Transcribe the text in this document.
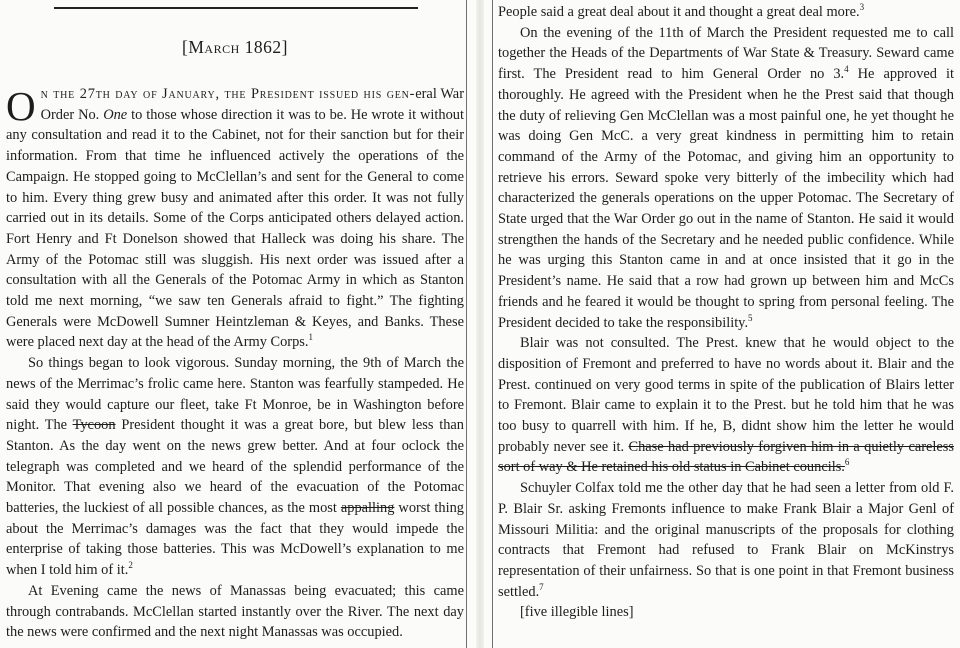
[March 1862]

On the 27th day of January, the President issued his gen-eral War Order No. One to those whose direction it was to be. He wrote it without any consultation and read it to the Cabinet, not for their sanction but for their information. From that time he influenced actively the operations of the Campaign. He stopped going to McClellan’s and sent for the General to come to him. Every thing grew busy and animated after this order. It was not fully carried out in its details. Some of the Corps anticipated others delayed action. Fort Henry and Ft Donelson showed that Halleck was doing his share. The Army of the Potomac still was sluggish. His next order was issued after a consultation with all the Generals of the Potomac Army in which as Stanton told me next morning, “we saw ten Generals afraid to fight.” The fighting Generals were McDowell Sumner Heintzleman & Keyes, and Banks. These were placed next day at the head of the Army Corps.$^1$

So things began to look vigorous. Sunday morning, the 9th of March the news of the Merrimac’s frolic came here. Stanton was fearfully stampeded. He said they would capture our fleet, take Ft Monroe, be in Washington before night. The Tycoon President thought it was a great bore, but blew less than Stanton. As the day went on the news grew better. And at four oclock the telegraph was completed and we heard of the splendid performance of the Monitor. That evening also we heard of the evacuation of the Potomac batteries, the luckiest of all possible chances, as the most appalling worst thing about the Merrimac’s damages was the fact that they would impede the enterprise of taking those batteries. This was McDowell’s explanation to me when I told him of it.$^2$

At Evening came the news of Manassas being evacuated; this came through contrabands. McClellan started instantly over the River. The next day the news were confirmed and the next night Manassas was occupied.

People said a great deal about it and thought a great deal more.$^3$

On the evening of the 11th of March the President requested me to call together the Heads of the Departments of War State & Treasury. Seward came first. The President read to him General Order no 3.$^4$ He approved it thoroughly. He agreed with the President when he the Prest said that though the duty of relieving Gen McClellan was a most painful one, he yet thought he was doing Gen McC. a very great kindness in permitting him to retain command of the Army of the Potomac, and giving him an opportunity to retrieve his errors. Seward spoke very bitterly of the imbecility which had characterized the generals operations on the upper Potomac. The Secretary of State urged that the War Order go out in the name of Stanton. He said it would strengthen the hands of the Secretary and he needed public confidence. While he was urging this Stanton came in and at once insisted that it go in the President’s name. He said that a row had grown up between him and McCs friends and he feared it would be thought to spring from personal feeling. The President decided to take the responsibility.$^5$

Blair was not consulted. The Prest. knew that he would object to the disposition of Fremont and preferred to have no words about it. Blair and the Prest. continued on very good terms in spite of the publication of Blairs letter to Fremont. Blair came to explain it to the Prest. but he told him that he was too busy to quarrell with him. If he, B, didnt show him the letter he would probably never see it. Chase had previously forgiven him in a quietly careless sort of way & He retained his old status in Cabinet councils.$^6$

Schuyler Colfax told me the other day that he had seen a letter from old F. P. Blair Sr. asking Fremonts influence to make Frank Blair a Major Genl of Missouri Militia: and the original manuscripts of the proposals for clothing contracts that Fremont had refused to Frank Blair on McKinstrys representation of their unfairness. So that is one point in that Fremont business settled.$^7$

[five illegible lines]
